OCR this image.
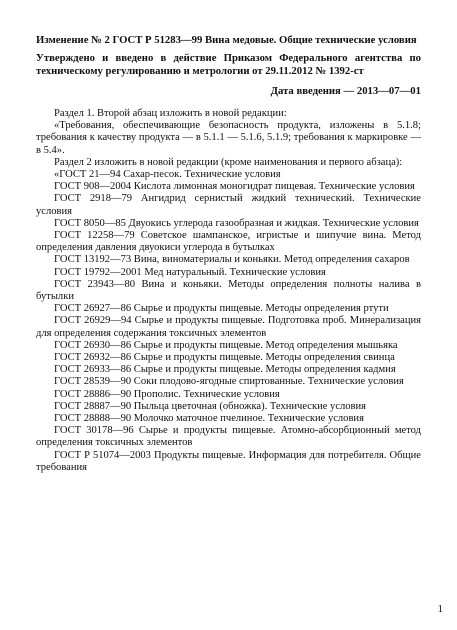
Изменение № 2 ГОСТ Р 51283—99 Вина медовые. Общие технические условия

Утверждено и введено в действие Приказом Федерального агентства по техническому регулированию и метрологии от 29.11.2012 № 1392-ст

Дата введения — 2013—07—01

Раздел 1. Второй абзац изложить в новой редакции:

«Требования, обеспечивающие безопасность продукта, изложены в 5.1.8; требования к качеству продукта — в 5.1.1 — 5.1.6, 5.1.9; требования к маркировке — в 5.4».

Раздел 2 изложить в новой редакции (кроме наименования и первого абзаца):

«ГОСТ 21—94 Сахар-песок. Технические условия

ГОСТ 908—2004 Кислота лимонная моногидрат пищевая. Технические условия

ГОСТ 2918—79 Ангидрид сернистый жидкий технический. Технические условия

ГОСТ 8050—85 Двуокись углерода газообразная и жидкая. Технические условия

ГОСТ 12258—79 Советское шампанское, игристые и шипучие вина. Метод определения давления двуокиси углерода в бутылках

ГОСТ 13192—73 Вина, виноматериалы и коньяки. Метод определения сахаров

ГОСТ 19792—2001 Мед натуральный. Технические условия

ГОСТ 23943—80 Вина и коньяки. Методы определения полноты налива в бутылки

ГОСТ 26927—86 Сырье и продукты пищевые. Методы определения ртути

ГОСТ 26929—94 Сырье и продукты пищевые. Подготовка проб. Минерализация для определения содержания токсичных элементов

ГОСТ 26930—86 Сырье и продукты пищевые. Метод определения мышьяка

ГОСТ 26932—86 Сырье и продукты пищевые. Методы определения свинца

ГОСТ 26933—86 Сырье и продукты пищевые. Методы определения кадмия

ГОСТ 28539—90 Соки плодово-ягодные спиртованные. Технические условия

ГОСТ 28886—90 Прополис. Технические условия

ГОСТ 28887—90 Пыльца цветочная (обножка). Технические условия

ГОСТ 28888—90 Молочко маточное пчелиное. Технические условия

ГОСТ 30178—96 Сырье и продукты пищевые. Атомно-абсорбционный метод определения токсичных элементов

ГОСТ Р 51074—2003 Продукты пищевые. Информация для потребителя. Общие требования

1
